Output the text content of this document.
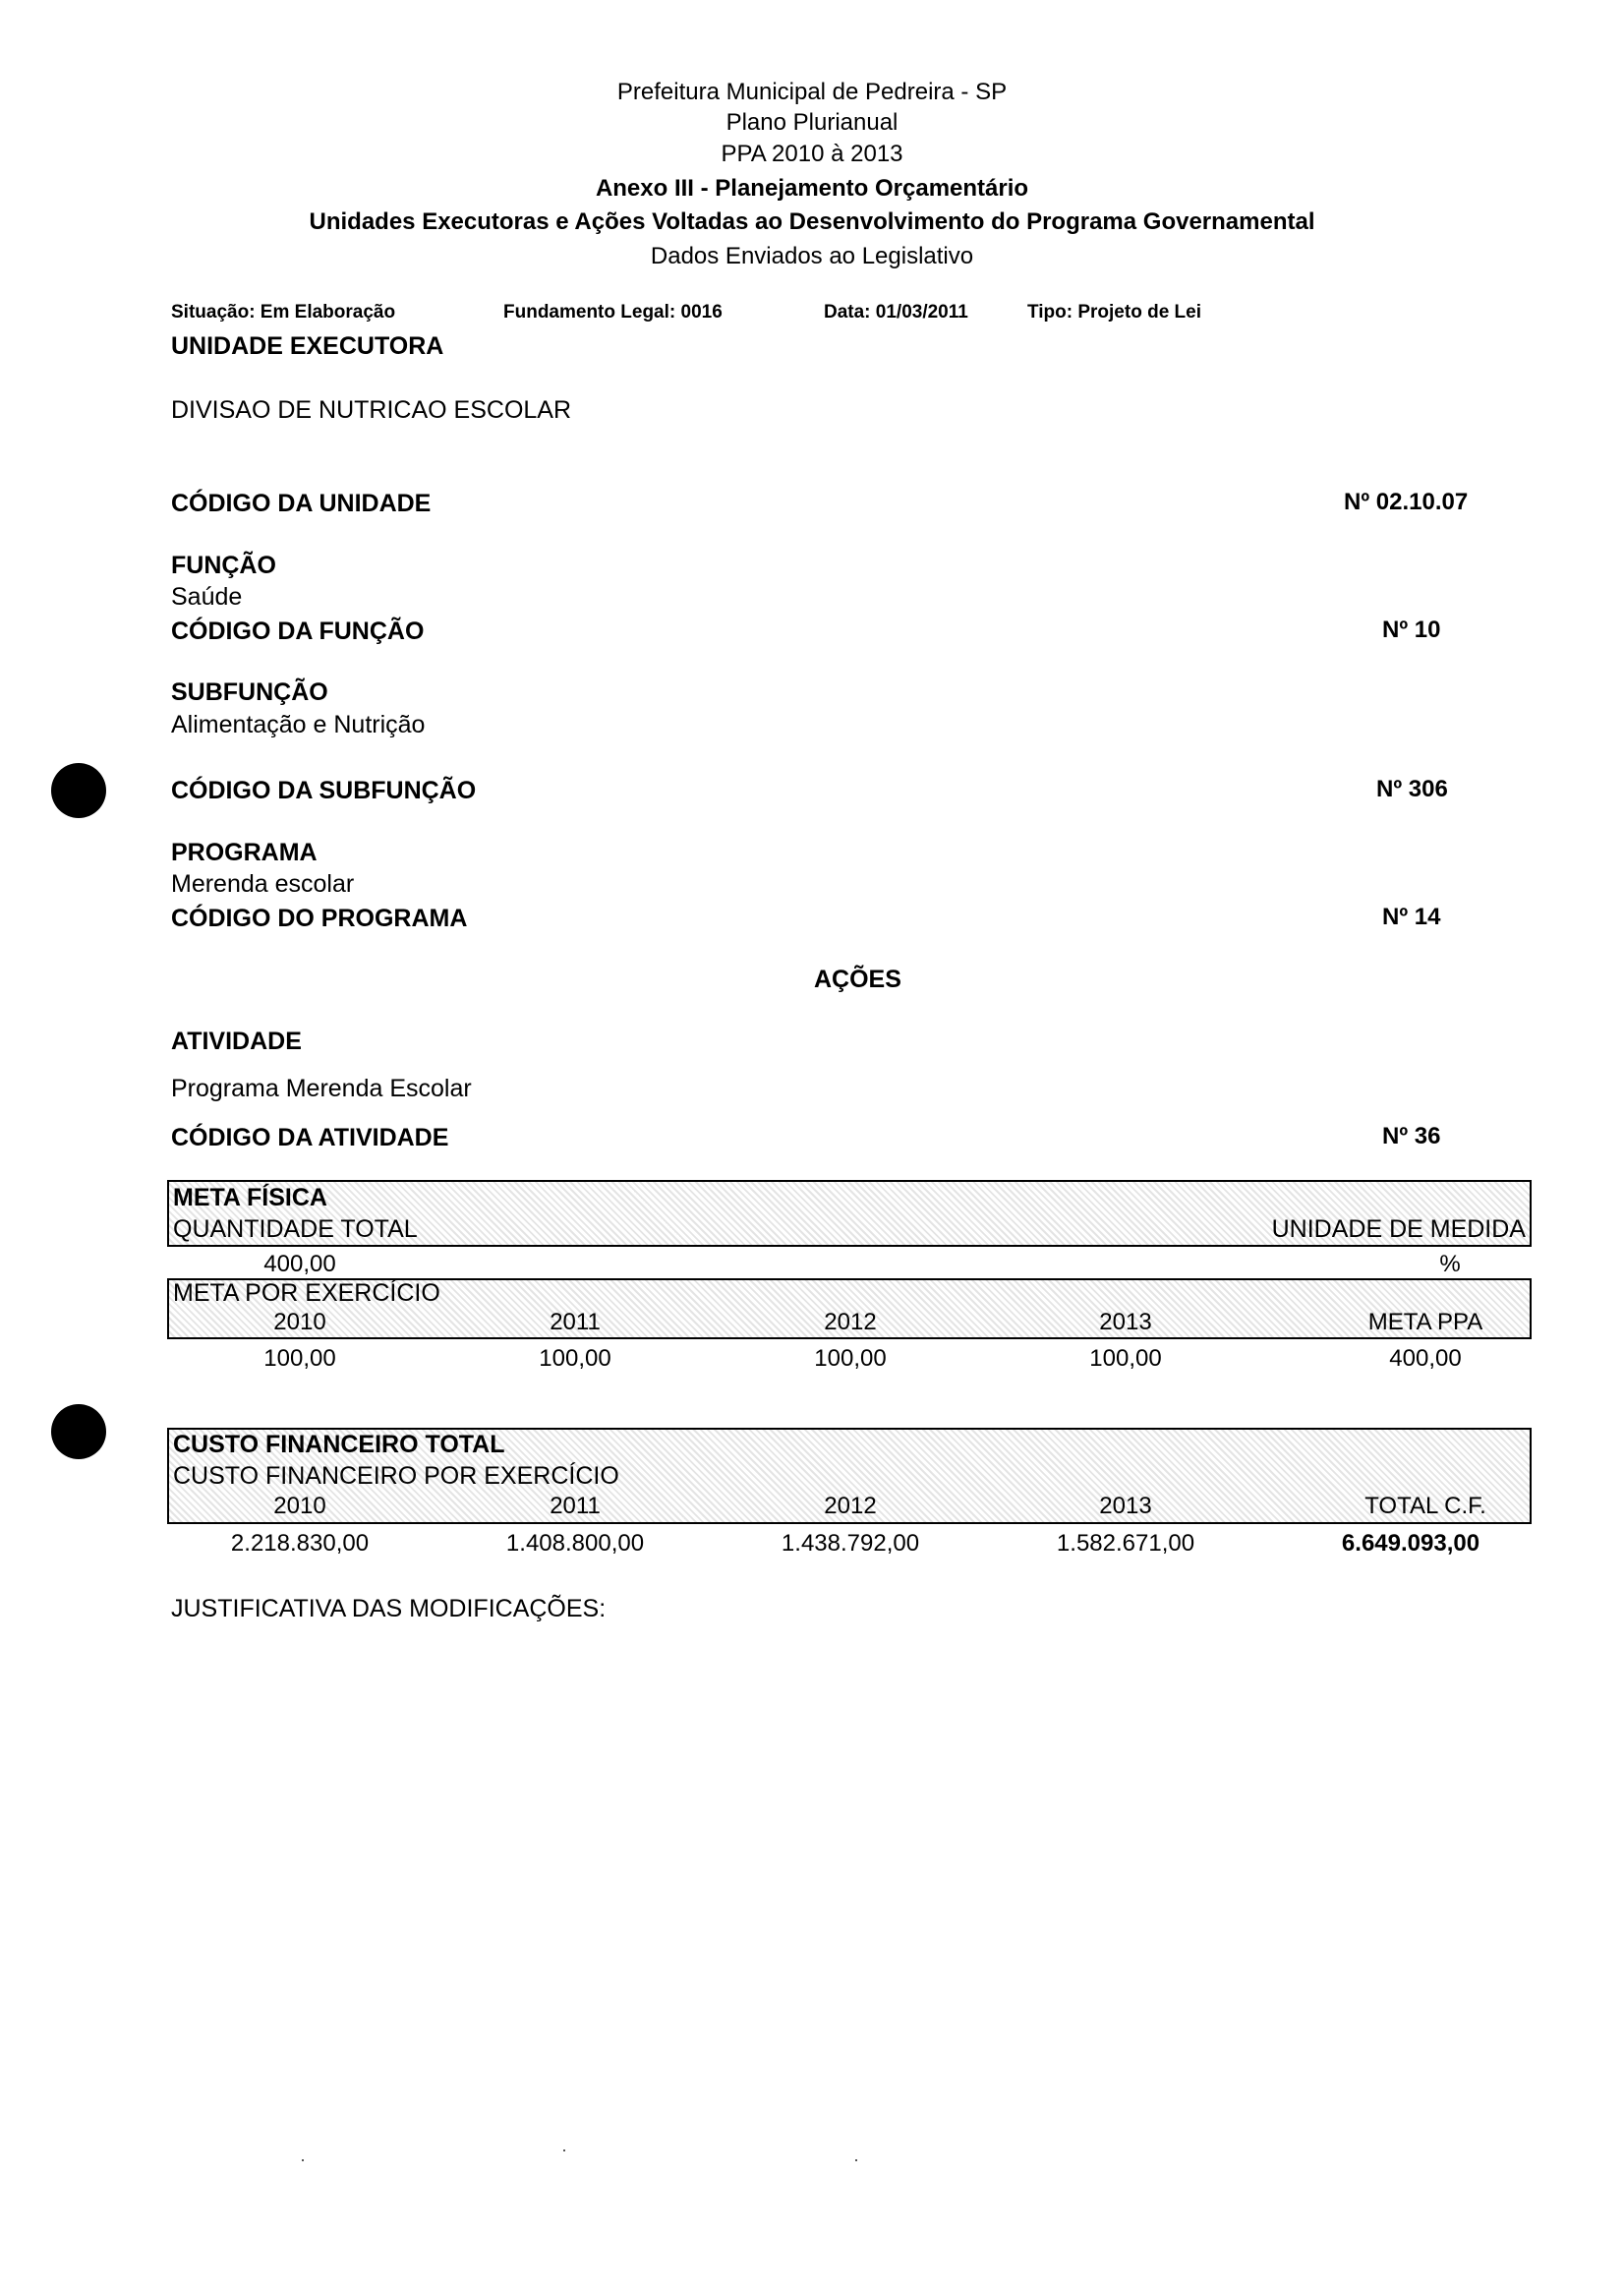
Prefeitura Municipal de Pedreira - SP
Plano Plurianual
PPA 2010 à 2013
Anexo III - Planejamento Orçamentário
Unidades Executoras e Ações Voltadas ao Desenvolvimento do Programa Governamental
Dados Enviados ao Legislativo
Situação: Em Elaboração	Fundamento Legal: 0016	Data: 01/03/2011	Tipo: Projeto de Lei
UNIDADE EXECUTORA
DIVISAO DE NUTRICAO ESCOLAR
CÓDIGO DA UNIDADE	Nº 02.10.07
FUNÇÃO
Saúde
CÓDIGO DA FUNÇÃO	Nº 10
SUBFUNÇÃO
Alimentação e Nutrição
CÓDIGO DA SUBFUNÇÃO	Nº 306
PROGRAMA
Merenda escolar
CÓDIGO DO PROGRAMA	Nº 14
AÇÕES
ATIVIDADE
Programa Merenda Escolar
CÓDIGO DA ATIVIDADE	Nº 36
META FÍSICA
QUANTIDADE TOTAL	UNIDADE DE MEDIDA
400,00	%
META POR EXERCÍCIO
2010	2011	2012	2013	META PPA
100,00	100,00	100,00	100,00	400,00
CUSTO FINANCEIRO TOTAL
CUSTO FINANCEIRO POR EXERCÍCIO
2010	2011	2012	2013	TOTAL C.F.
2.218.830,00	1.408.800,00	1.438.792,00	1.582.671,00	6.649.093,00
JUSTIFICATIVA DAS MODIFICAÇÕES:
